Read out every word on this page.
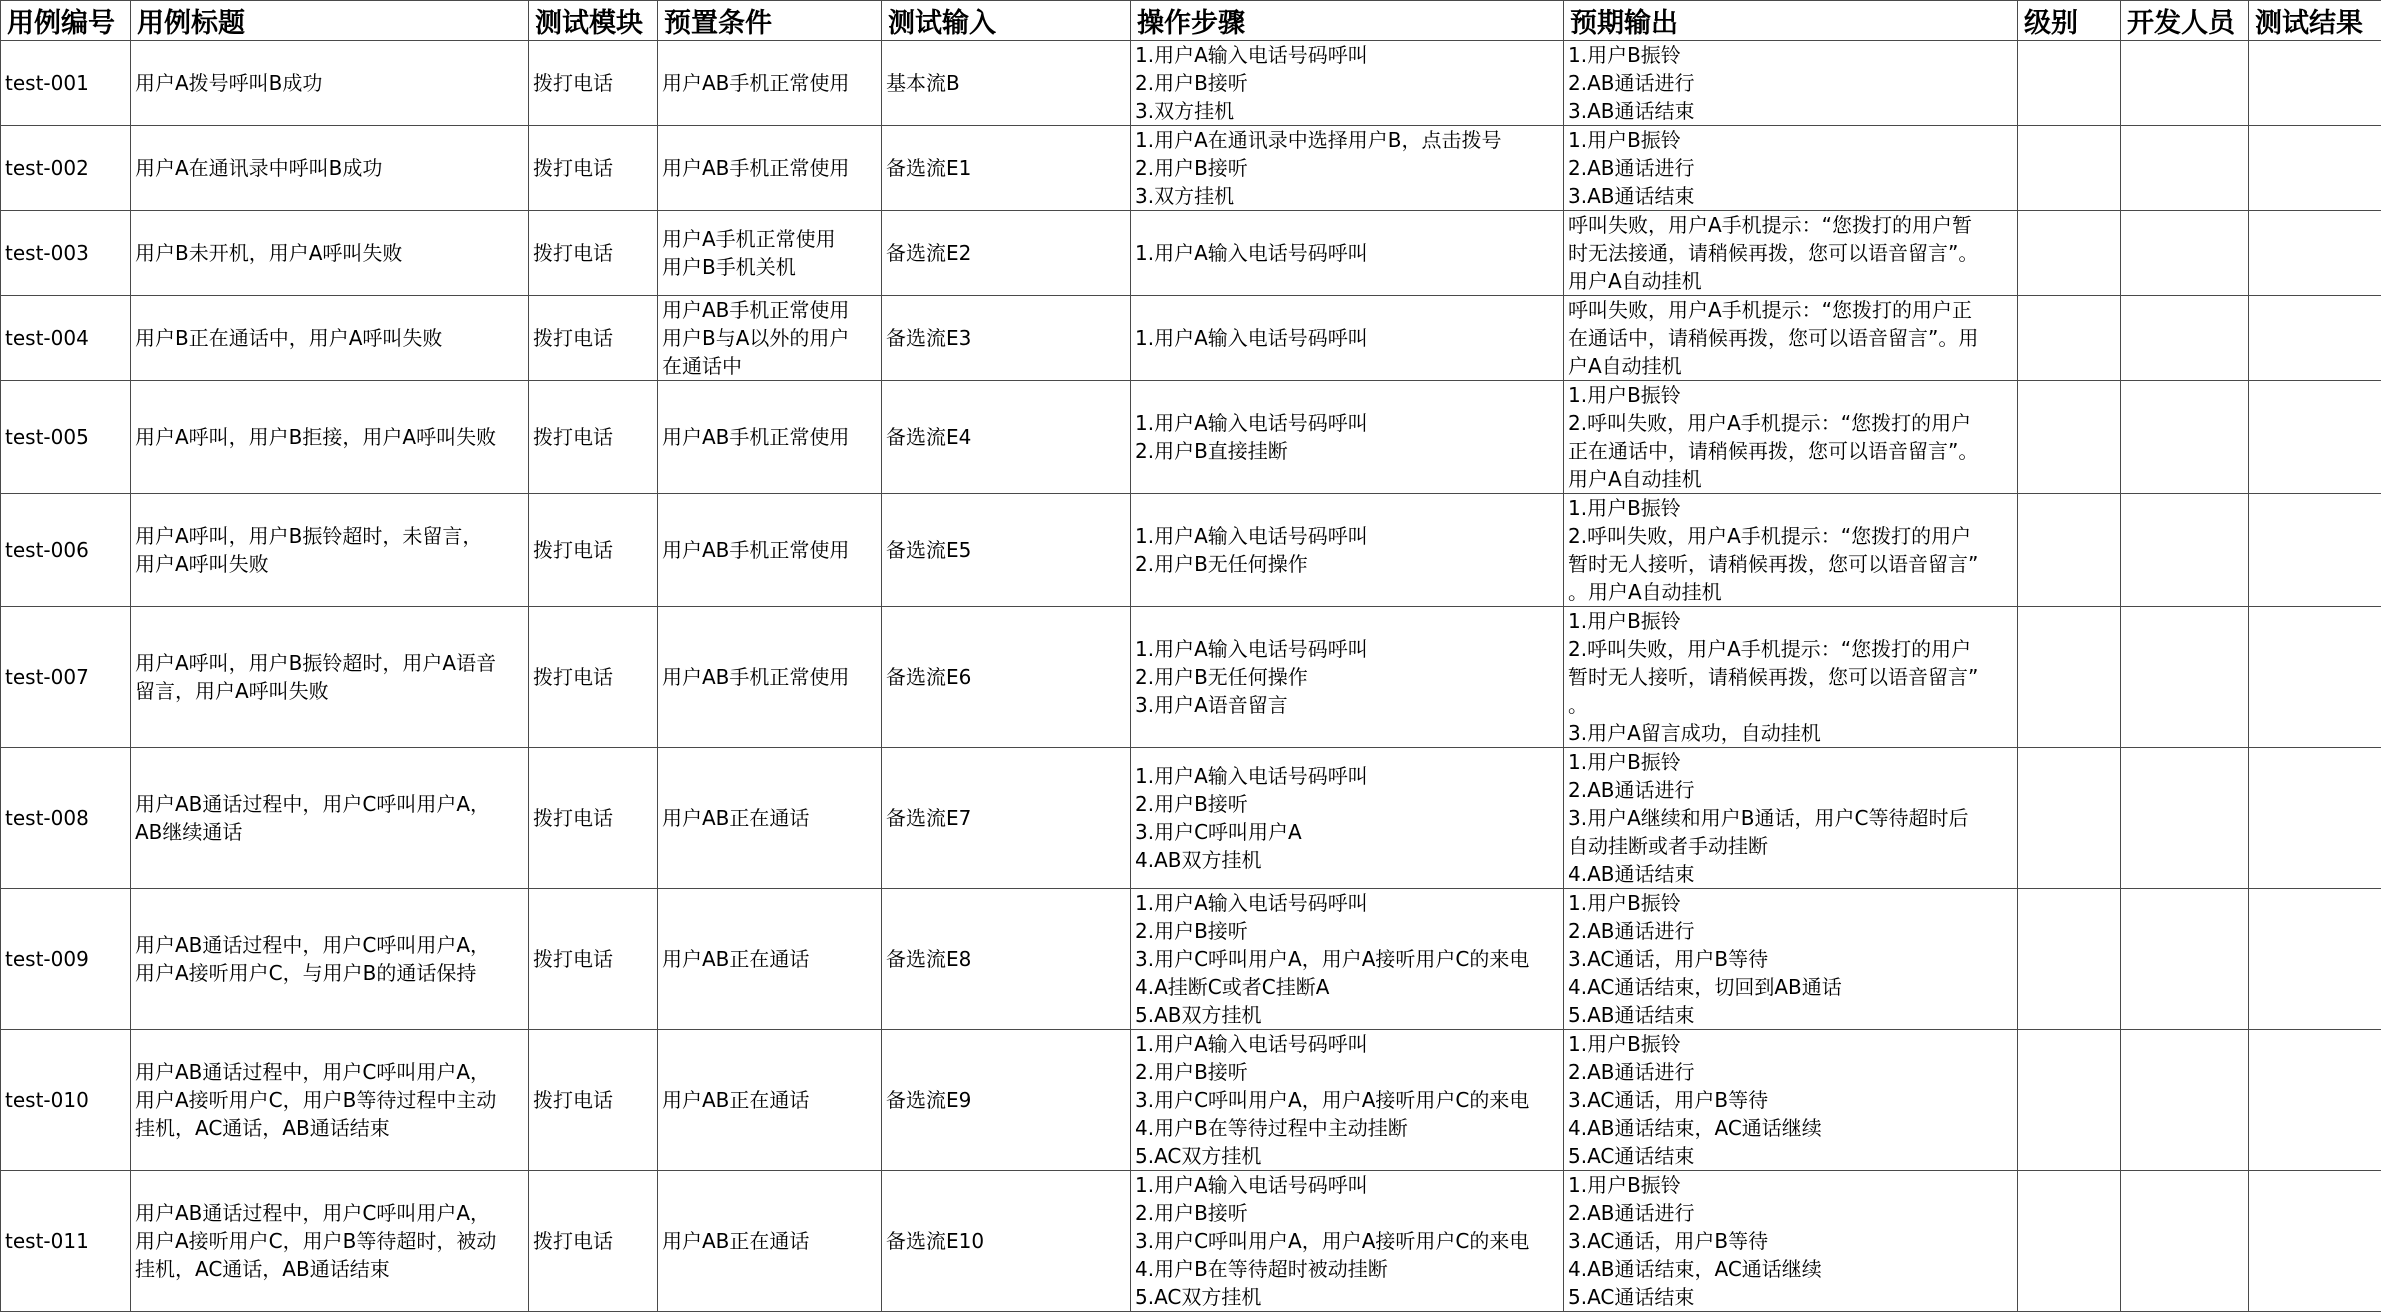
用例编号	用例标题	测试模块	预置条件	测试输入	操作步骤	预期输出	级别	开发人员	测试结果
test-001	用户A拨号呼叫B成功	拨打电话	用户AB手机正常使用	基本流B	1.用户A输入电话号码呼叫
2.用户B接听
3.双方挂机	1.用户B振铃
2.AB通话进行
3.AB通话结束			
test-002	用户A在通讯录中呼叫B成功	拨打电话	用户AB手机正常使用	备选流E1	1.用户A在通讯录中选择用户B，点击拨号
2.用户B接听
3.双方挂机	1.用户B振铃
2.AB通话进行
3.AB通话结束			
test-003	用户B未开机，用户A呼叫失败	拨打电话	用户A手机正常使用
用户B手机关机	备选流E2	1.用户A输入电话号码呼叫	呼叫失败，用户A手机提示：“您拨打的用户暂
时无法接通，请稍候再拨，您可以语音留言”。
用户A自动挂机			
test-004	用户B正在通话中，用户A呼叫失败	拨打电话	用户AB手机正常使用
用户B与A以外的用户
在通话中	备选流E3	1.用户A输入电话号码呼叫	呼叫失败，用户A手机提示：“您拨打的用户正
在通话中，请稍候再拨，您可以语音留言”。用
户A自动挂机			
test-005	用户A呼叫，用户B拒接，用户A呼叫失败	拨打电话	用户AB手机正常使用	备选流E4	1.用户A输入电话号码呼叫
2.用户B直接挂断	1.用户B振铃
2.呼叫失败，用户A手机提示：“您拨打的用户
正在通话中，请稍候再拨，您可以语音留言”。
用户A自动挂机			
test-006	用户A呼叫，用户B振铃超时，未留言，
用户A呼叫失败	拨打电话	用户AB手机正常使用	备选流E5	1.用户A输入电话号码呼叫
2.用户B无任何操作	1.用户B振铃
2.呼叫失败，用户A手机提示：“您拨打的用户
暂时无人接听，请稍候再拨，您可以语音留言”
。用户A自动挂机			
test-007	用户A呼叫，用户B振铃超时，用户A语音
留言，用户A呼叫失败	拨打电话	用户AB手机正常使用	备选流E6	1.用户A输入电话号码呼叫
2.用户B无任何操作
3.用户A语音留言	1.用户B振铃
2.呼叫失败，用户A手机提示：“您拨打的用户
暂时无人接听，请稍候再拨，您可以语音留言”
。
3.用户A留言成功，自动挂机			
test-008	用户AB通话过程中，用户C呼叫用户A，
AB继续通话	拨打电话	用户AB正在通话	备选流E7	1.用户A输入电话号码呼叫
2.用户B接听
3.用户C呼叫用户A
4.AB双方挂机	1.用户B振铃
2.AB通话进行
3.用户A继续和用户B通话，用户C等待超时后
自动挂断或者手动挂断
4.AB通话结束			
test-009	用户AB通话过程中，用户C呼叫用户A，
用户A接听用户C，与用户B的通话保持	拨打电话	用户AB正在通话	备选流E8	1.用户A输入电话号码呼叫
2.用户B接听
3.用户C呼叫用户A，用户A接听用户C的来电
4.A挂断C或者C挂断A
5.AB双方挂机	1.用户B振铃
2.AB通话进行
3.AC通话，用户B等待
4.AC通话结束，切回到AB通话
5.AB通话结束			
test-010	用户AB通话过程中，用户C呼叫用户A，
用户A接听用户C，用户B等待过程中主动
挂机，AC通话，AB通话结束	拨打电话	用户AB正在通话	备选流E9	1.用户A输入电话号码呼叫
2.用户B接听
3.用户C呼叫用户A，用户A接听用户C的来电
4.用户B在等待过程中主动挂断
5.AC双方挂机	1.用户B振铃
2.AB通话进行
3.AC通话，用户B等待
4.AB通话结束，AC通话继续
5.AC通话结束			
test-011	用户AB通话过程中，用户C呼叫用户A，
用户A接听用户C，用户B等待超时，被动
挂机，AC通话，AB通话结束	拨打电话	用户AB正在通话	备选流E10	1.用户A输入电话号码呼叫
2.用户B接听
3.用户C呼叫用户A，用户A接听用户C的来电
4.用户B在等待超时被动挂断
5.AC双方挂机	1.用户B振铃
2.AB通话进行
3.AC通话，用户B等待
4.AB通话结束，AC通话继续
5.AC通话结束			
